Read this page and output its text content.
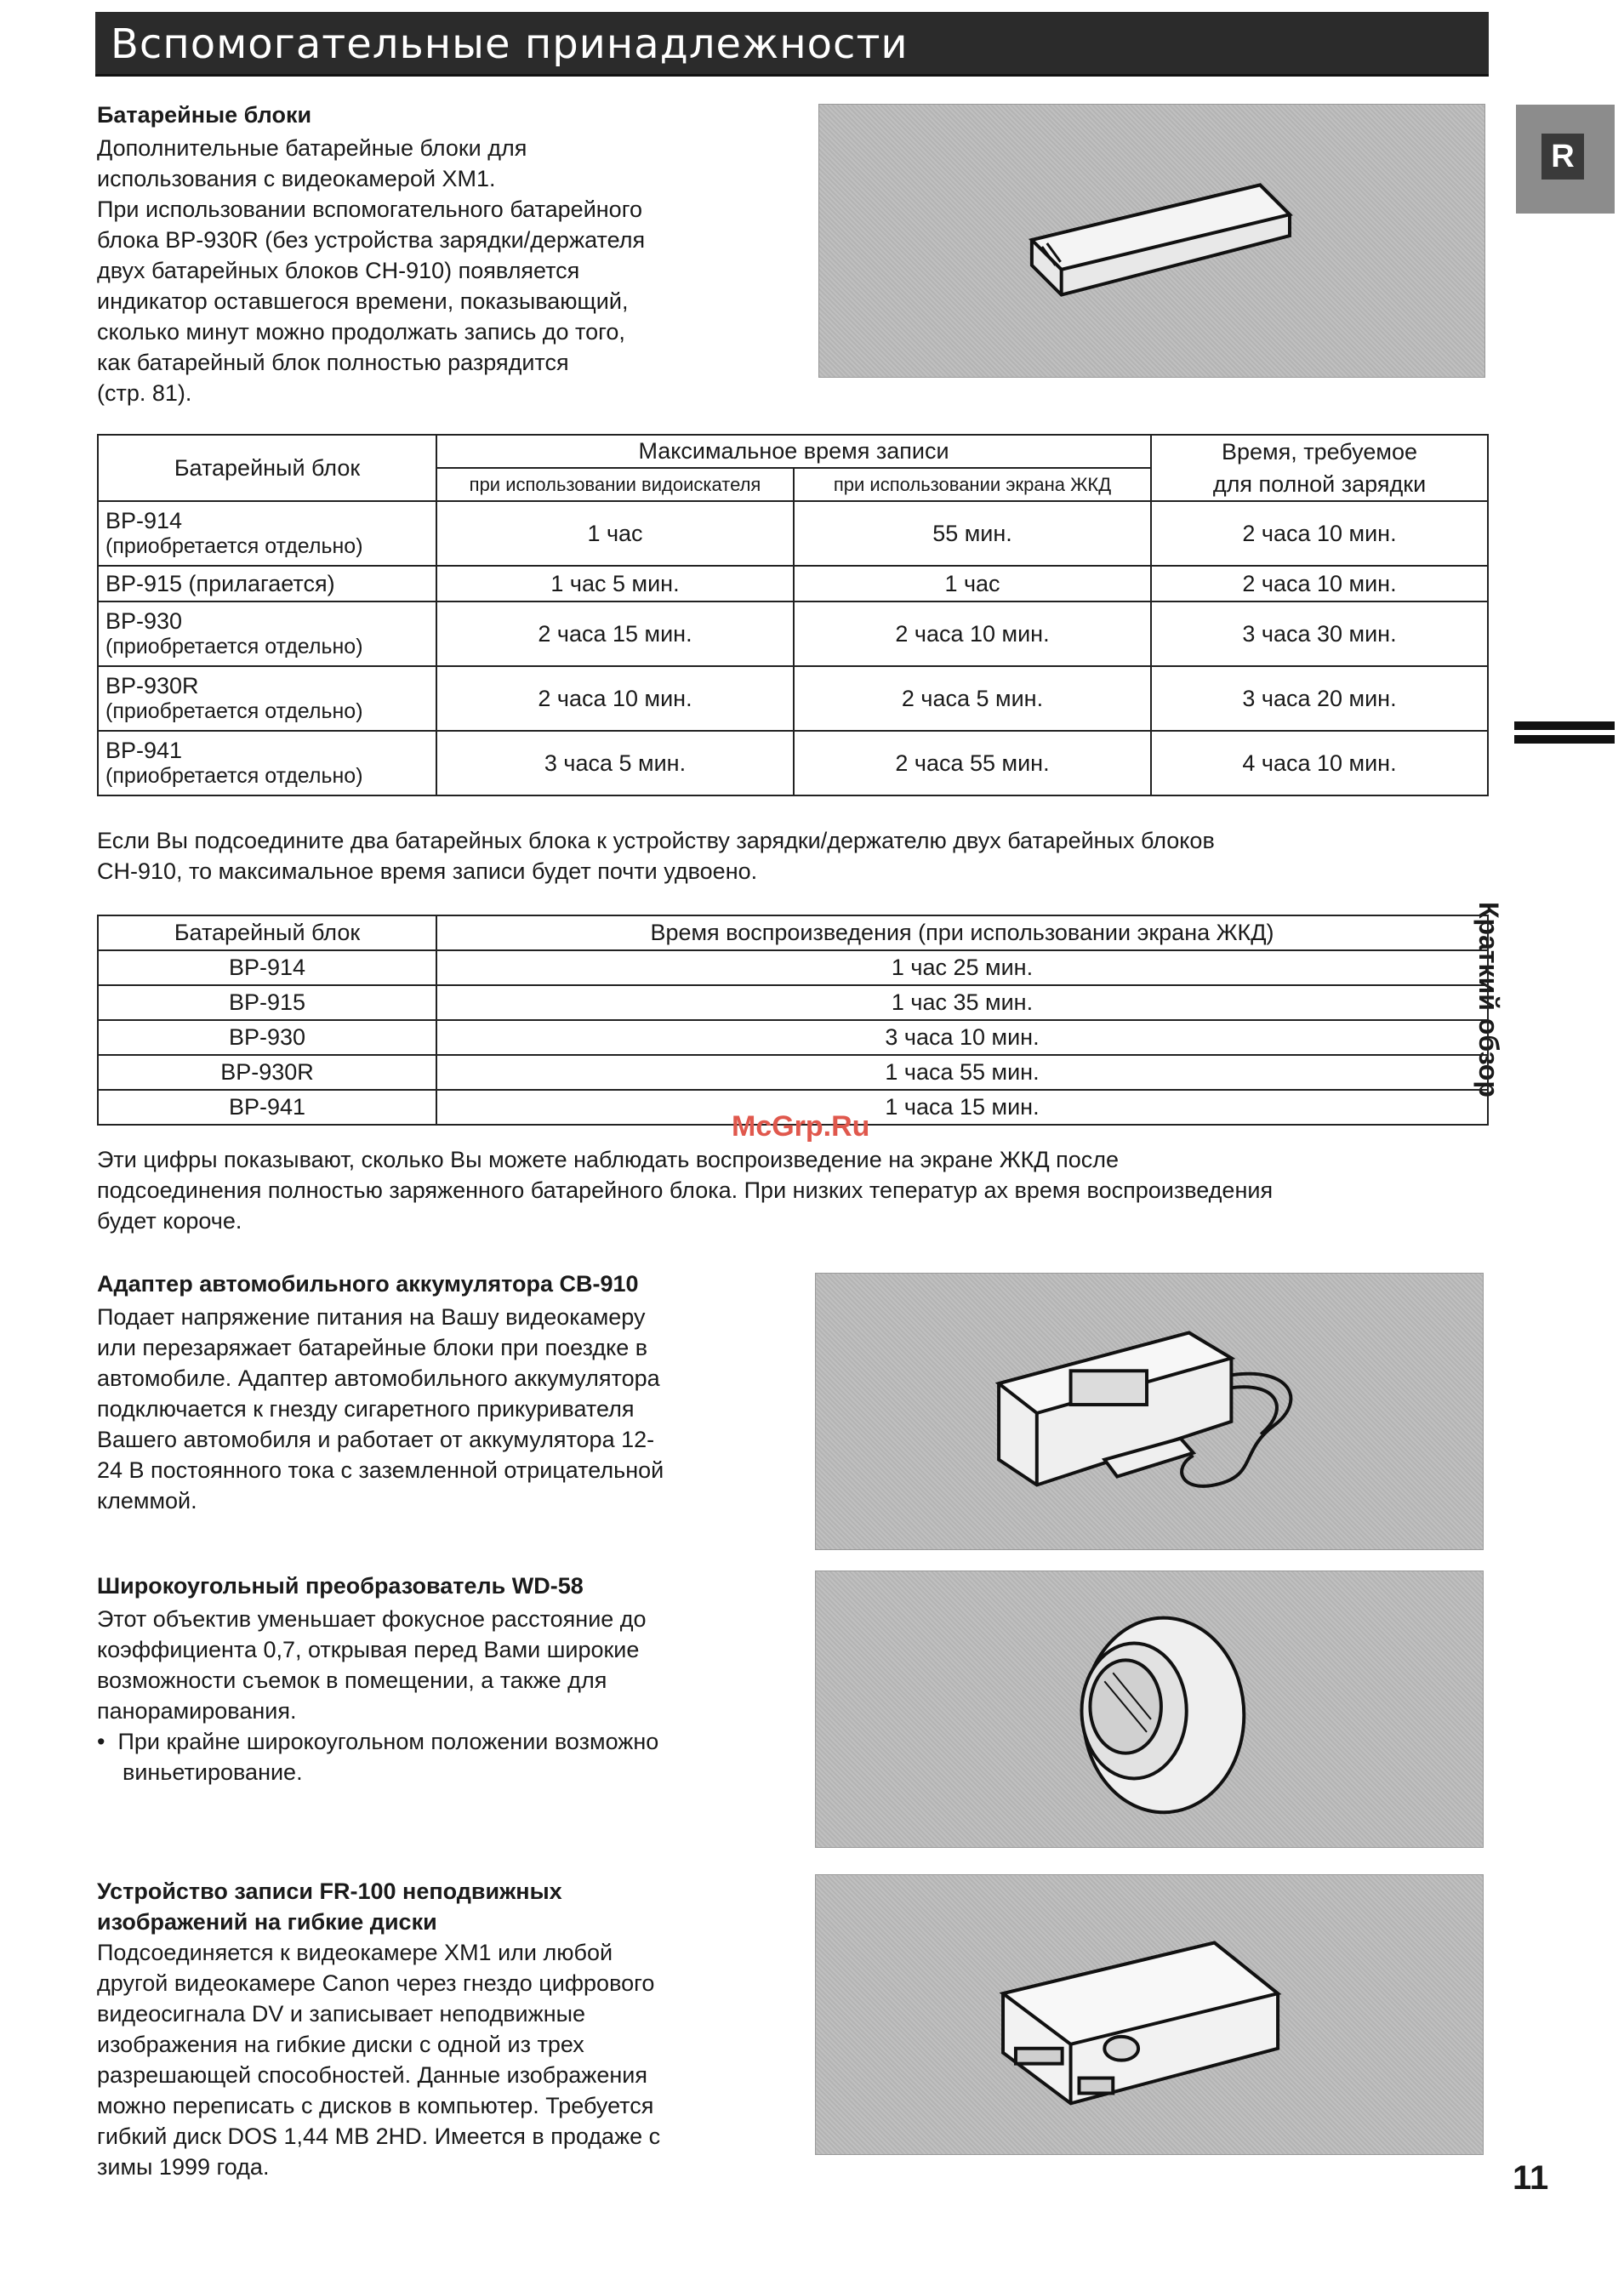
Вспомогательные принадлежности
R
Краткий обзор
Батарейные блоки
Дополнительные батарейные блоки для
использования с видеокамерой XM1.
При использовании вспомогательного батарейного
блока BP-930R (без устройства зарядки/держателя
двух батарейных блоков CH-910) появляется
индикатор оставшегося времени, показывающий,
сколько минут можно продолжать запись до того,
как батарейный блок полностью разрядится
(стр. 81).
Батарейный блок	Максимальное время записи		Время, требуемое
для полной зарядки

	при использовании видоискателя	при использовании экрана ЖКД	

BP-914
(приобретается отдельно)	1 час	55 мин.	2 часа 10 мин.
BP-915 (прилагается)	1 час 5 мин.	1 час	2 часа 10 мин.

BP-930
(приобретается отдельно)	2 часа 15 мин.	2 часа 10 мин.	3 часа 30 мин.

BP-930R
(приобретается отдельно)	2 часа 10 мин.	2 часа 5 мин.	3 часа 20 мин.

BP-941
(приобретается отдельно)	3 часа 5 мин.	2 часа 55 мин.	4 часа 10 мин.
Если Вы подсоедините два батарейных блока к устройству зарядки/держателю двух батарейных блоков
CH-910, то максимальное время записи будет почти удвоено.
Батарейный блок	Время воспроизведения (при использовании экрана ЖКД)
BP-914	1 час 25 мин.
BP-915	1 час 35 мин.
BP-930	3 часа 10 мин.
BP-930R	1 часа 55 мин.
BP-941	1 часа 15 мин.
McGrp.Ru
Эти цифры показывают, сколько Вы можете наблюдать воспроизведение на экране ЖКД после
подсоединения полностью заряженного батарейного блока. При низких теператур ах время воспроизведения
будет короче.
Адаптер автомобильного аккумулятора CB-910
Подает напряжение питания на Вашу видеокамеру
или перезаряжает батарейные блоки при поездке в
автомобиле. Адаптер автомобильного аккумулятора
подключается к гнезду сигаретного прикуривателя
Вашего автомобиля и работает от аккумулятора 12-
24 В постоянного тока с заземленной отрицательной
клеммой.
Широкоугольный преобразователь WD-58
Этот объектив уменьшает фокусное расстояние до
коэффициента 0,7, открывая перед Вами широкие
возможности съемок в помещении, а также для
панорамирования.
•  При крайне широкоугольном положении возможно
виньетирование.
Устройство записи FR-100 неподвижных
изображений на гибкие диски
Подсоединяется к видеокамере XM1 или любой
другой видеокамере Canon через гнездо цифрового
видеосигнала DV и записывает неподвижные
изображения на гибкие диски с одной из трех
разрешающей способностей. Данные изображения
можно переписать с дисков в компьютер. Требуется
гибкий диск DOS 1,44 MB 2HD. Имеется в продаже с
зимы 1999 года.	11
